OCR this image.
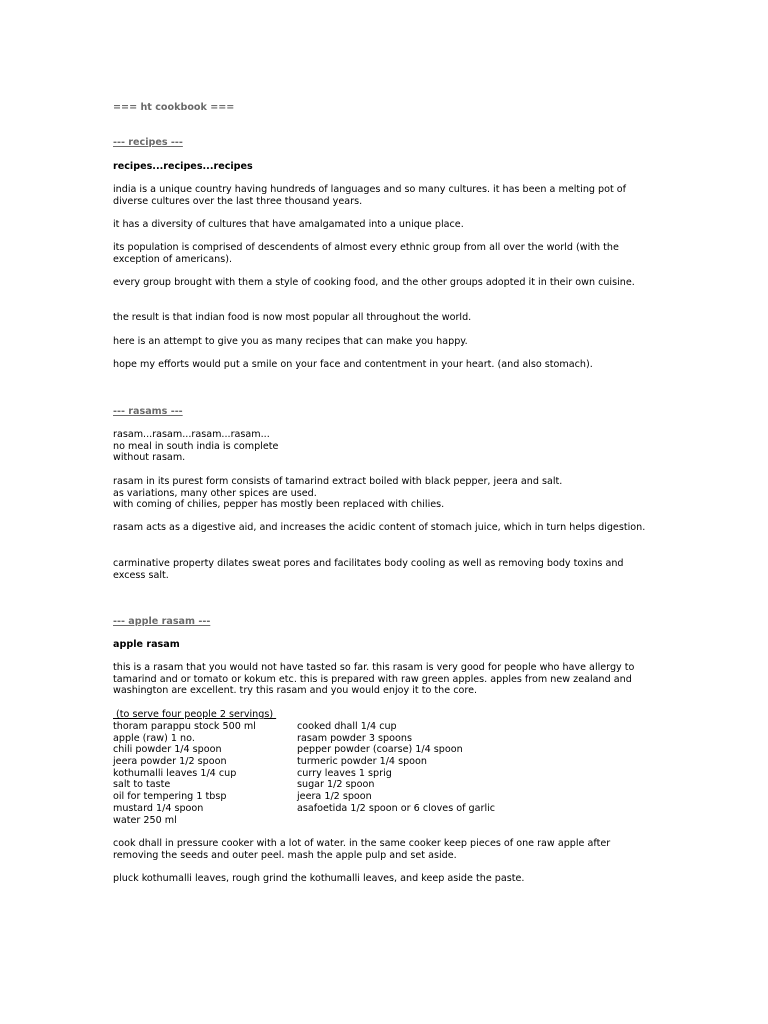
=== ht cookbook ===

--- recipes ---

recipes...recipes...recipes

india is a unique country having hundreds of languages and so many cultures. it has been a melting pot of diverse cultures over the last three thousand years.

it has a diversity of cultures that have amalgamated into a unique place.

its population is comprised of descendents of almost every ethnic group from all over the world (with the exception of americans).

every group brought with them a style of cooking food, and the other groups adopted it in their own cuisine.

the result is that indian food is now most popular all throughout the world.

here is an attempt to give you as many recipes that can make you happy.

hope my efforts would put a smile on your face and contentment in your heart. (and also stomach).

--- rasams ---

rasam...rasam...rasam...rasam...
no meal in south india is complete
without rasam.
rasam in its purest form consists of tamarind extract boiled with black pepper, jeera and salt.
as variations, many other spices are used.
with coming of chilies, pepper has mostly been replaced with chilies.

rasam acts as a digestive aid, and increases the acidic content of stomach juice, which in turn helps digestion.

carminative property dilates sweat pores and facilitates body cooling as well as removing body toxins and excess salt.

--- apple rasam ---

apple rasam

this is a rasam that you would not have tasted so far. this rasam is very good for people who have allergy to tamarind and or tomato or kokum etc. this is prepared with raw green apples. apples from new zealand and washington are excellent. try this rasam and you would enjoy it to the core.

(to serve four people 2 servings)

thoram parappu stock 500 ml	cooked dhall 1/4 cup
apple (raw) 1 no.	rasam powder 3 spoons
chili powder 1/4 spoon	pepper powder (coarse) 1/4 spoon
jeera powder 1/2 spoon	turmeric powder 1/4 spoon
kothumalli leaves 1/4 cup	curry leaves 1 sprig
salt to taste	sugar 1/2 spoon
oil for tempering 1 tbsp	jeera 1/2 spoon
mustard 1/4 spoon	asafoetida 1/2 spoon or 6 cloves of garlic
water 250 ml

cook dhall in pressure cooker with a lot of water. in the same cooker keep pieces of one raw apple after removing the seeds and outer peel. mash the apple pulp and set aside.

pluck kothumalli leaves, rough grind the kothumalli leaves, and keep aside the paste.
